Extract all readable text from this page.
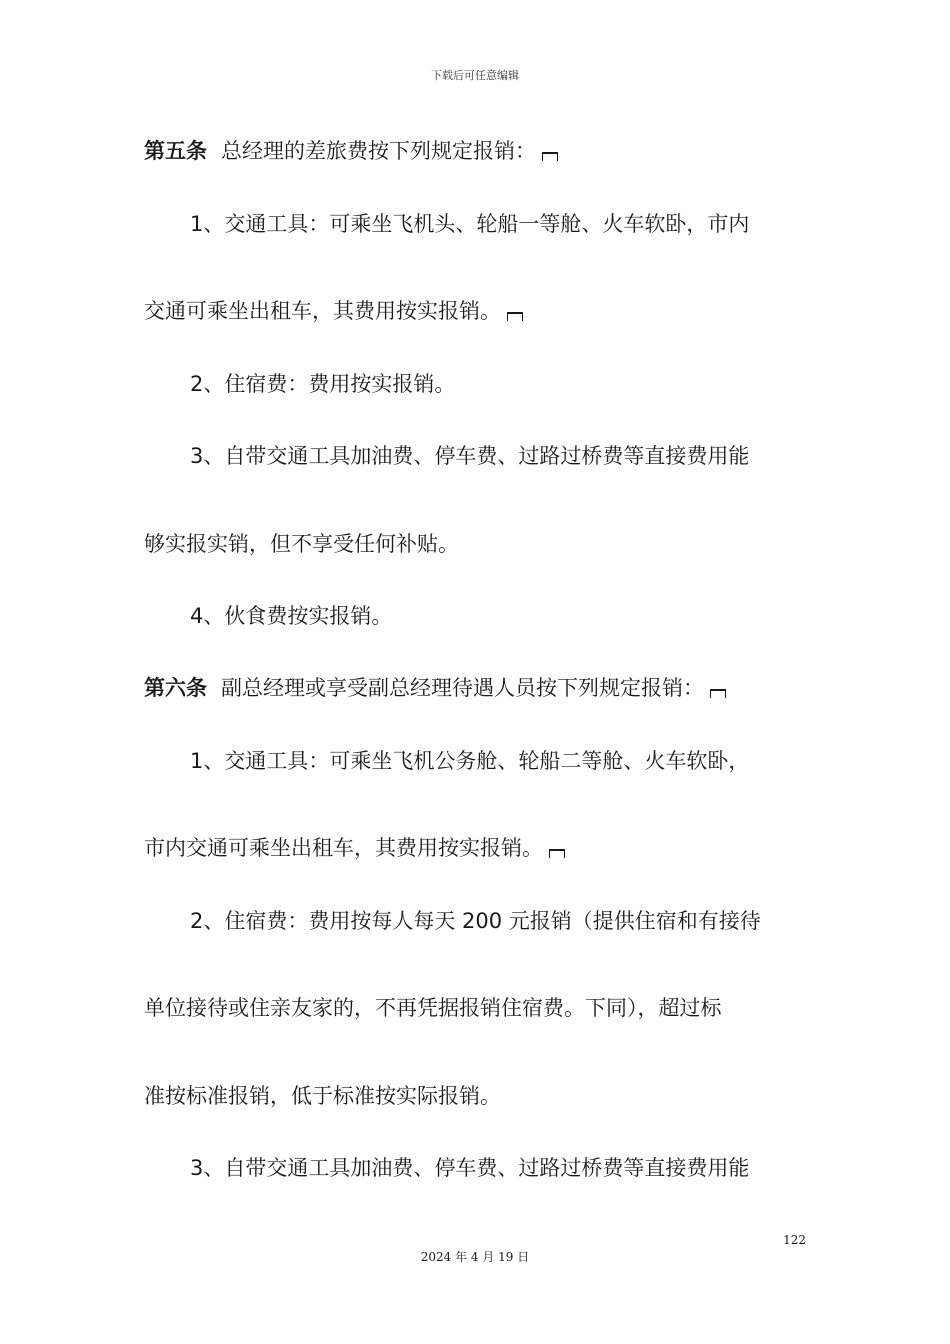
下载后可任意编辑
第五条 总经理的差旅费按下列规定报销：
1、交通工具：可乘坐飞机头、轮船一等舱、火车软卧，市内
交通可乘坐出租车，其费用按实报销。
2、住宿费：费用按实报销。
3、自带交通工具加油费、停车费、过路过桥费等直接费用能
够实报实销，但不享受任何补贴。
4、伙食费按实报销。
第六条 副总经理或享受副总经理待遇人员按下列规定报销：
1、交通工具：可乘坐飞机公务舱、轮船二等舱、火车软卧，
市内交通可乘坐出租车，其费用按实报销。
2、住宿费：费用按每人每天 200 元报销（提供住宿和有接待
单位接待或住亲友家的，不再凭据报销住宿费。下同），超过标
准按标准报销，低于标准按实际报销。
3、自带交通工具加油费、停车费、过路过桥费等直接费用能
122
2024 年 4 月 19 日
